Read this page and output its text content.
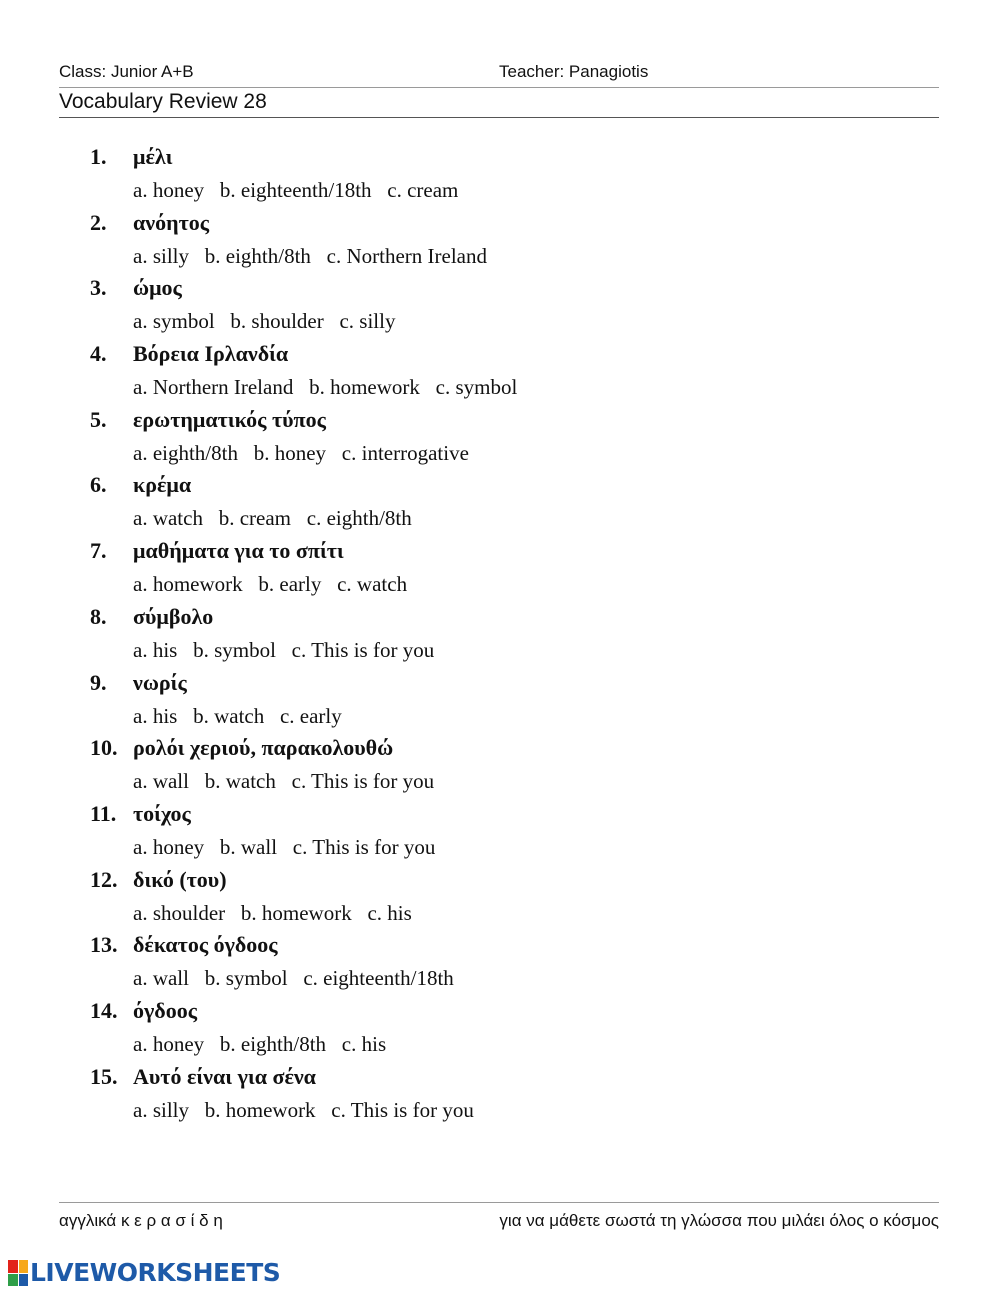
Class: Junior A+B	Teacher: Panagiotis
Vocabulary Review 28
1. μέλι
a. honey   b. eighteenth/18th   c. cream
2. ανόητος
a. silly   b. eighth/8th   c. Northern Ireland
3. ώμος
a. symbol   b. shoulder   c. silly
4. Βόρεια Ιρλανδία
a. Northern Ireland   b. homework   c. symbol
5. ερωτηματικός τύπος
a. eighth/8th   b. honey   c. interrogative
6. κρέμα
a. watch   b. cream   c. eighth/8th
7. μαθήματα για το σπίτι
a. homework   b. early   c. watch
8. σύμβολο
a. his   b. symbol   c. This is for you
9. νωρίς
a. his   b. watch   c. early
10. ρολόι χεριού, παρακολουθώ
a. wall   b. watch   c. This is for you
11. τοίχος
a. honey   b. wall   c. This is for you
12. δικό (του)
a. shoulder   b. homework   c. his
13. δέκατος όγδοος
a. wall   b. symbol   c. eighteenth/18th
14. όγδοος
a. honey   b. eighth/8th   c. his
15. Αυτό είναι για σένα
a. silly   b. homework   c. This is for you
αγγλικά κ ε ρ α σ ί δ η	για να μάθετε σωστά τη γλώσσα που μιλάει όλος ο κόσμος
LIVEWORKSHEETS
